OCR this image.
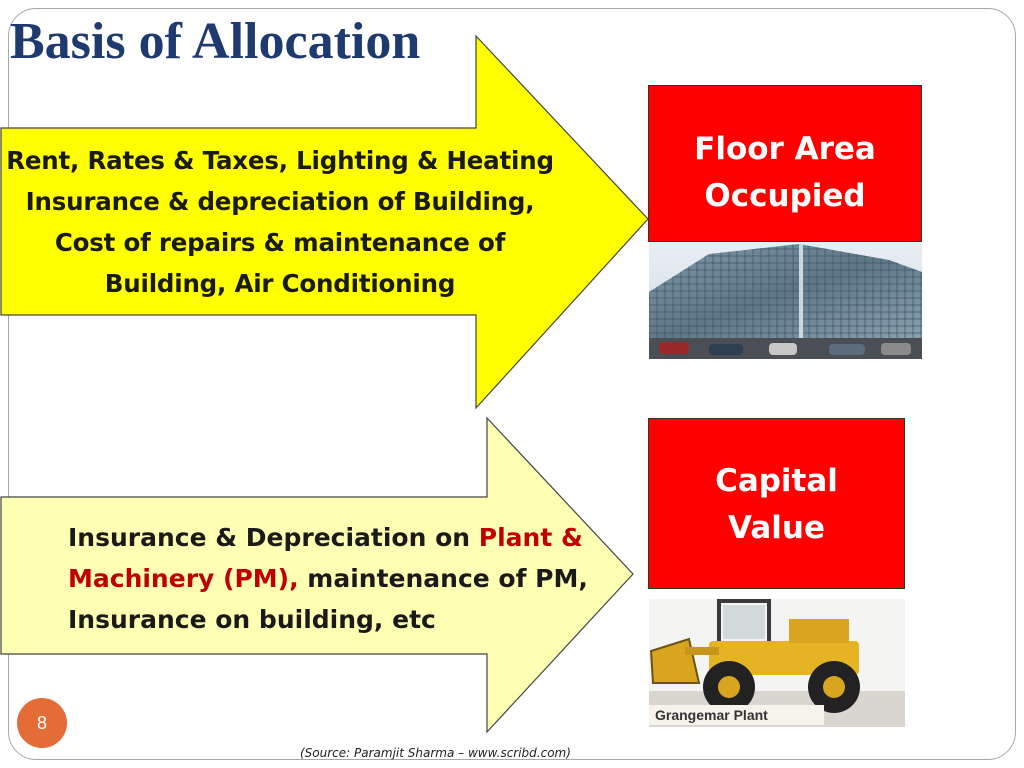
Basis of Allocation
Rent, Rates & Taxes, Lighting & Heating
Insurance & depreciation of Building,
Cost of repairs & maintenance of
Building, Air Conditioning
Insurance & Depreciation on Plant &
Machinery (PM), maintenance of PM,
Insurance on building, etc
Floor Area
Occupied
Capital
Value
Grangemar Plant
8
(Source: Paramjit Sharma – www.scribd.com)
